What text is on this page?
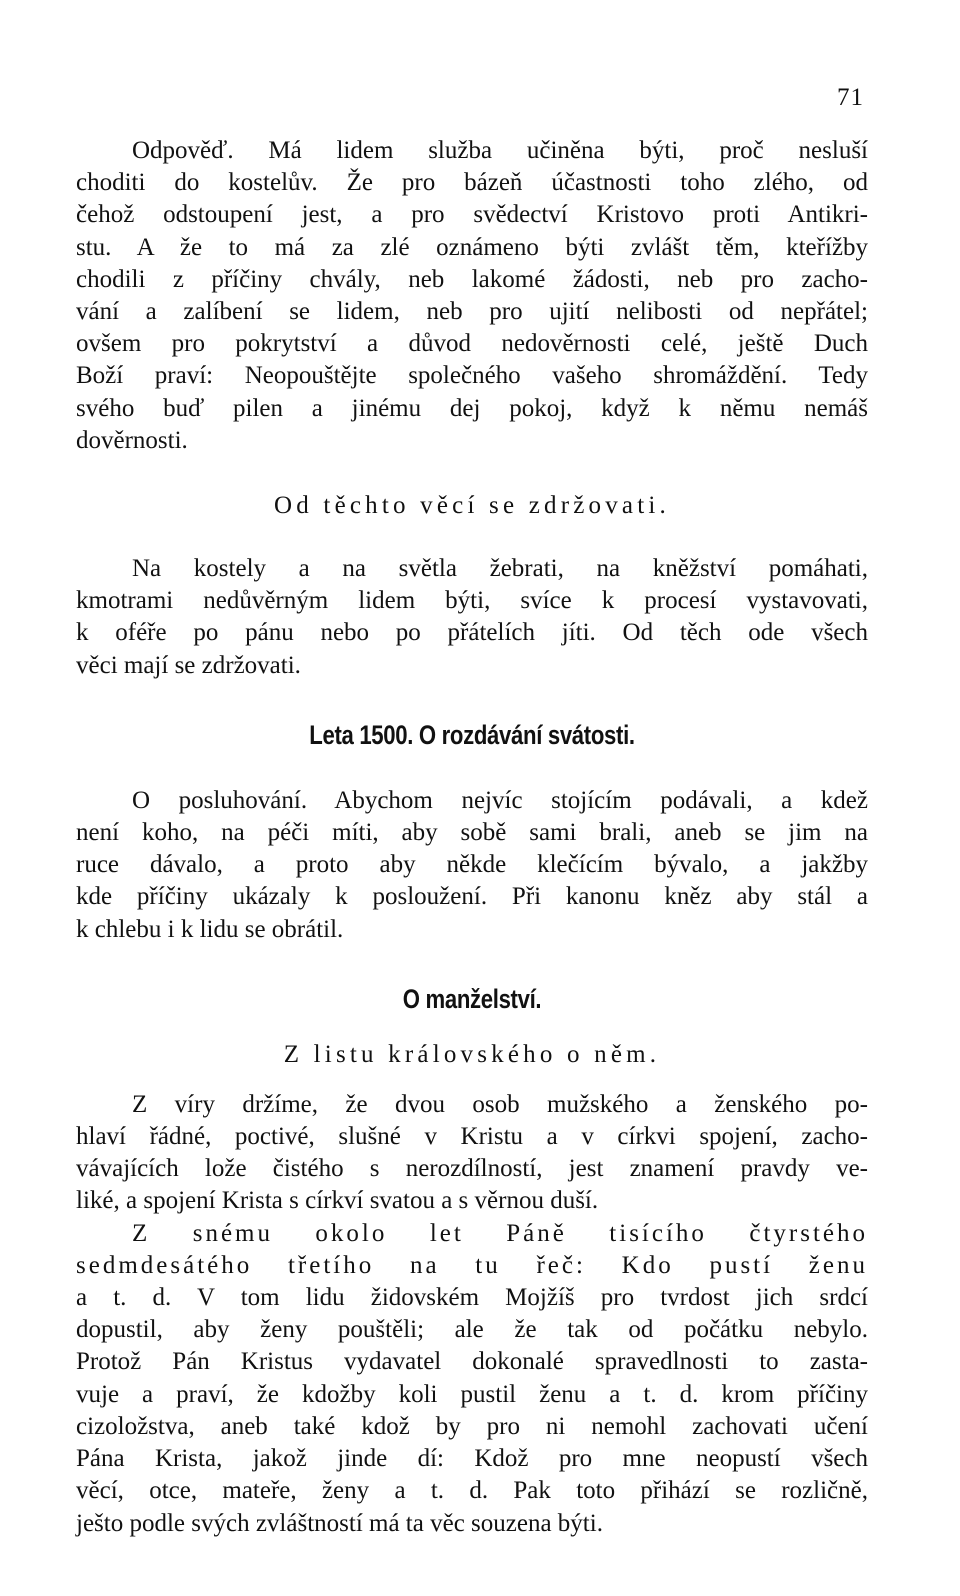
71
Odpověď. Má lidem služba učiněna býti, proč nesluší
choditi do kostelův. Že pro bázeň účastnosti toho zlého, od
čehož odstoupení jest, a pro svědectví Kristovo proti Antikri-
stu. A že to má za zlé oznámeno býti zvlášt těm, kteřížby
chodili z příčiny chvály, neb lakomé žádosti, neb pro zacho-
vání a zalíbení se lidem, neb pro ujití nelibosti od nepřátel;
ovšem pro pokrytství a důvod nedověrnosti celé, ještě Duch
Boží praví: Neopouštějte společného vašeho shromáždění. Tedy
svého buď pilen a jinému dej pokoj, když k němu nemáš
dověrnosti.
Od těchto věcí se zdržovati.
Na kostely a na světla žebrati, na kněžství pomáhati,
kmotrami nedůvěrným lidem býti, svíce k procesí vystavovati,
k oféře po pánu nebo po přátelích jíti. Od těch ode všech
věci mají se zdržovati.
Leta 1500. O rozdávání svátosti.
O posluhování. Abychom nejvíc stojícím podávali, a kdež
není koho, na péči míti, aby sobě sami brali, aneb se jim na
ruce dávalo, a proto aby někde klečícím bývalo, a jakžby
kde příčiny ukázaly k posloužení. Při kanonu kněz aby stál a
k chlebu i k lidu se obrátil.
O manželství.
Z listu královského o něm.
Z víry držíme, že dvou osob mužského a ženského po-
hlaví řádné, poctivé, slušné v Kristu a v církvi spojení, zacho-
vávajících lože čistého s nerozdílností, jest znamení pravdy ve-
liké, a spojení Krista s církví svatou a s věrnou duší.
Z snému okolo let Páně tisícího čtyrstého
sedmdesátého třetího na tu řeč: Kdo pustí ženu
a t. d. V tom lidu židovském Mojžíš pro tvrdost jich srdcí
dopustil, aby ženy pouštěli; ale že tak od počátku nebylo.
Protož Pán Kristus vydavatel dokonalé spravedlnosti to zasta-
vuje a praví, že kdožby koli pustil ženu a t. d. krom příčiny
cizoložstva, aneb také kdož by pro ni nemohl zachovati učení
Pána Krista, jakož jinde dí: Kdož pro mne neopustí všech
věcí, otce, mateře, ženy a t. d. Pak toto přihází se rozličně,
ješto podle svých zvláštností má ta věc souzena býti.
